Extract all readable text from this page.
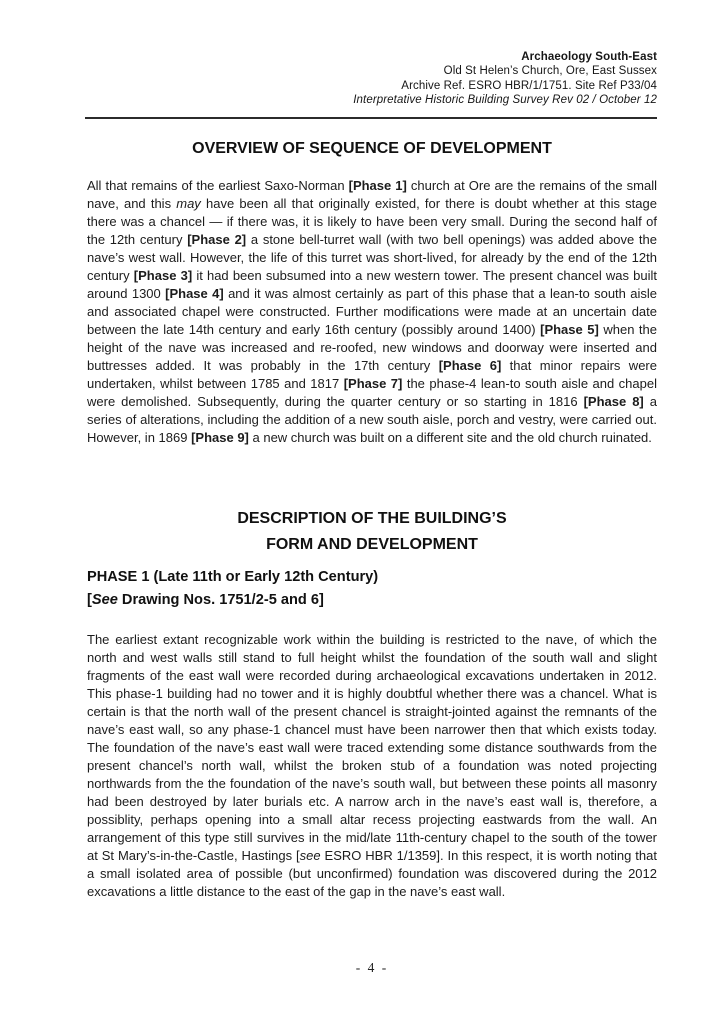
Archaeology South-East
Old St Helen’s Church, Ore, East Sussex
Archive Ref. ESRO HBR/1/1751. Site Ref P33/04
Interpretative Historic Building Survey Rev 02 / October 12
OVERVIEW OF SEQUENCE OF DEVELOPMENT

All that remains of the earliest Saxo-Norman [Phase 1] church at Ore are the remains of the small nave, and this may have been all that originally existed, for there is doubt whether at this stage there was a chancel — if there was, it is likely to have been very small. During the second half of the 12th century [Phase 2] a stone bell-turret wall (with two bell openings) was added above the nave’s west wall. However, the life of this turret was short-lived, for already by the end of the 12th century [Phase 3] it had been subsumed into a new western tower. The present chancel was built around 1300 [Phase 4] and it was almost certainly as part of this phase that a lean-to south aisle and associated chapel were constructed. Further modifications were made at an uncertain date between the late 14th century and early 16th century (possibly around 1400) [Phase 5] when the height of the nave was increased and re-roofed, new windows and doorway were inserted and buttresses added. It was probably in the 17th century [Phase 6] that minor repairs were undertaken, whilst between 1785 and 1817 [Phase 7] the phase-4 lean-to south aisle and chapel were demolished. Subsequently, during the quarter century or so starting in 1816 [Phase 8] a series of alterations, including the addition of a new south aisle, porch and vestry, were carried out. However, in 1869 [Phase 9] a new church was built on a different site and the old church ruinated.

DESCRIPTION OF THE BUILDING’S
FORM AND DEVELOPMENT
PHASE 1 (Late 11th or Early 12th Century)
[See Drawing Nos. 1751/2-5 and 6]

The earliest extant recognizable work within the building is restricted to the nave, of which the north and west walls still stand to full height whilst the foundation of the south wall and slight fragments of the east wall were recorded during archaeological excavations undertaken in 2012. This phase-1 building had no tower and it is highly doubtful whether there was a chancel. What is certain is that the north wall of the present chancel is straight-jointed against the remnants of the nave’s east wall, so any phase-1 chancel must have been narrower then that which exists today. The foundation of the nave’s east wall were traced extending some distance southwards from the present chancel’s north wall, whilst the broken stub of a foundation was noted projecting northwards from the the foundation of the nave’s south wall, but between these points all masonry had been destroyed by later burials etc. A narrow arch in the nave’s east wall is, therefore, a possiblity, perhaps opening into a small altar recess projecting eastwards from the wall. An arrangement of this type still survives in the mid/late 11th-century chapel to the south of the tower at St Mary’s-in-the-Castle, Hastings [see ESRO HBR 1/1359]. In this respect, it is worth noting that a small isolated area of possible (but unconfirmed) foundation was discovered during the 2012 excavations a little distance to the east of the gap in the nave’s east wall.

- 4 -
